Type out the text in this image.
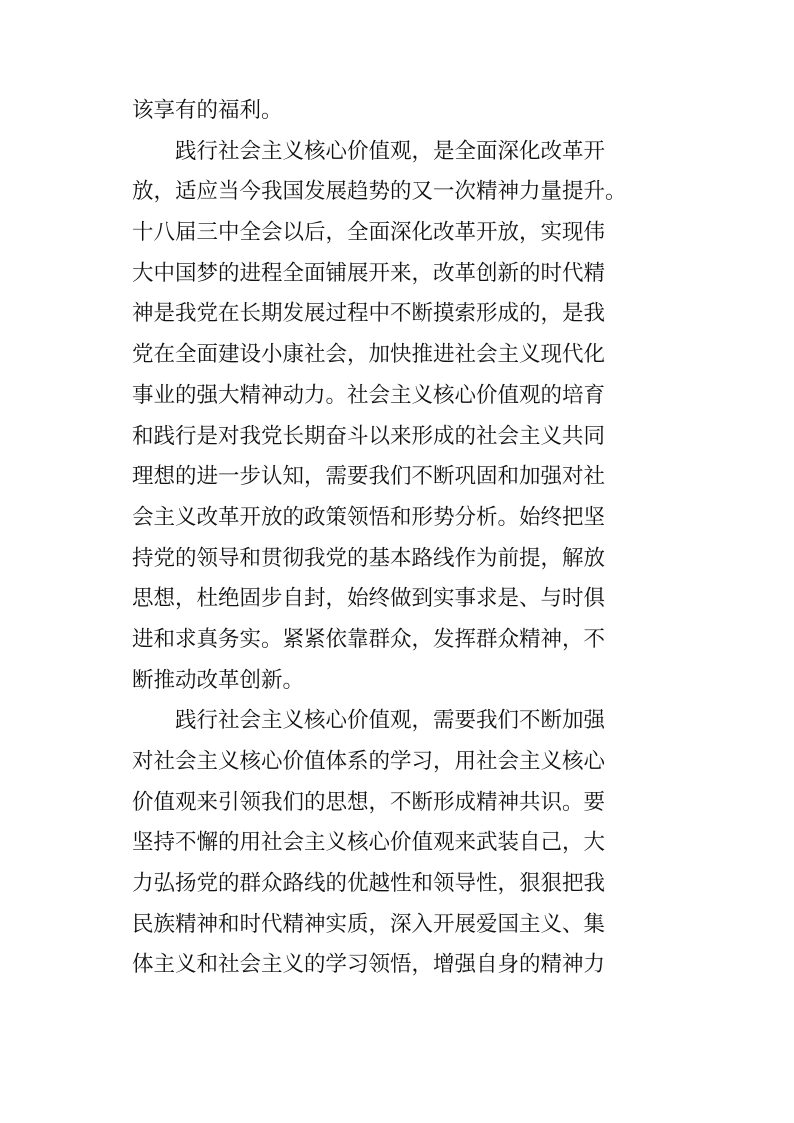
该享有的福利。
践行社会主义核心价值观，是全面深化改革开
放，适应当今我国发展趋势的又一次精神力量提升。
十八届三中全会以后，全面深化改革开放，实现伟
大中国梦的进程全面铺展开来，改革创新的时代精
神是我党在长期发展过程中不断摸索形成的，是我
党在全面建设小康社会，加快推进社会主义现代化
事业的强大精神动力。社会主义核心价值观的培育
和践行是对我党长期奋斗以来形成的社会主义共同
理想的进一步认知，需要我们不断巩固和加强对社
会主义改革开放的政策领悟和形势分析。始终把坚
持党的领导和贯彻我党的基本路线作为前提，解放
思想，杜绝固步自封，始终做到实事求是、与时俱
进和求真务实。紧紧依靠群众，发挥群众精神，不
断推动改革创新。
践行社会主义核心价值观，需要我们不断加强
对社会主义核心价值体系的学习，用社会主义核心
价值观来引领我们的思想，不断形成精神共识。要
坚持不懈的用社会主义核心价值观来武装自己，大
力弘扬党的群众路线的优越性和领导性，狠狠把我
民族精神和时代精神实质，深入开展爱国主义、集
体主义和社会主义的学习领悟，增强自身的精神力
